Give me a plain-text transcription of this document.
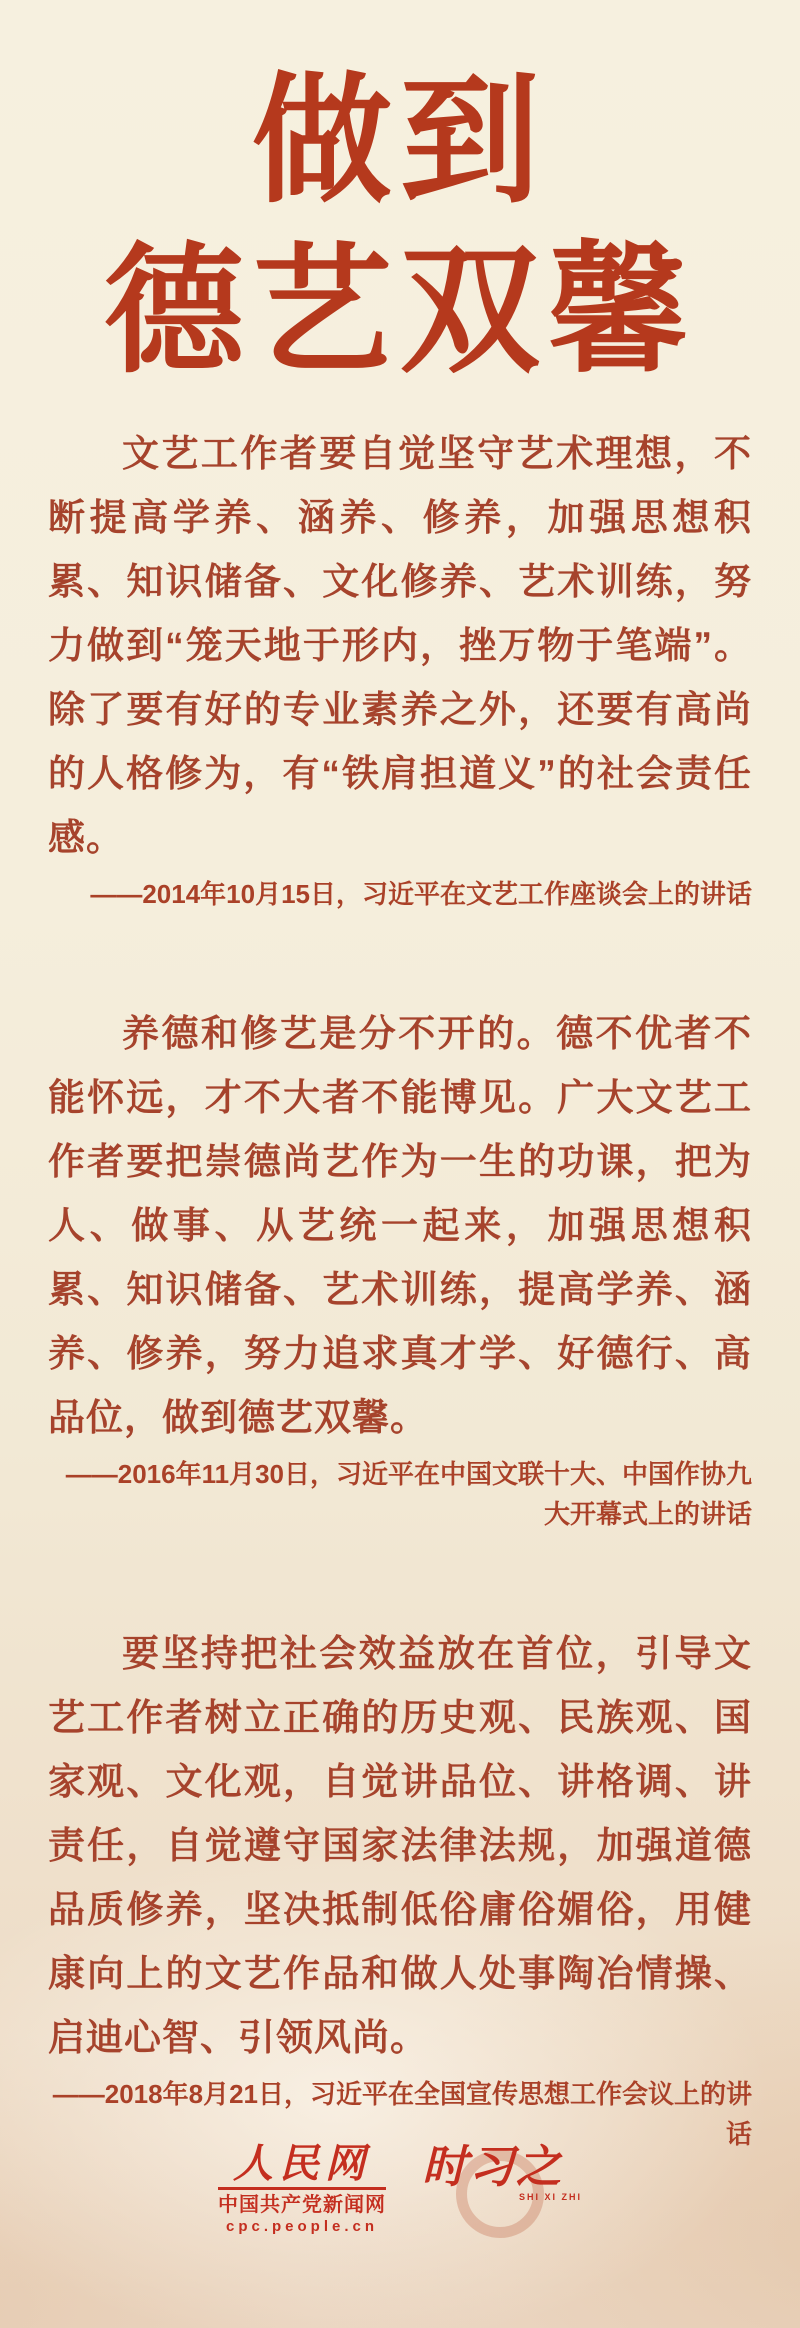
做到
德艺双馨

文艺工作者要自觉坚守艺术理想，不断提高学养、涵养、修养，加强思想积累、知识储备、文化修养、艺术训练，努力做到“笼天地于形内，挫万物于笔端”。除了要有好的专业素养之外，还要有高尚的人格修为，有“铁肩担道义”的社会责任感。

——2014年10月15日，习近平在文艺工作座谈会上的讲话

养德和修艺是分不开的。德不优者不能怀远，才不大者不能博见。广大文艺工作者要把崇德尚艺作为一生的功课，把为人、做事、从艺统一起来，加强思想积累、知识储备、艺术训练，提高学养、涵养、修养，努力追求真才学、好德行、高品位，做到德艺双馨。

——2016年11月30日，习近平在中国文联十大、中国作协九大开幕式上的讲话

要坚持把社会效益放在首位，引导文艺工作者树立正确的历史观、民族观、国家观、文化观，自觉讲品位、讲格调、讲责任，自觉遵守国家法律法规，加强道德品质修养，坚决抵制低俗庸俗媚俗，用健康向上的文艺作品和做人处事陶冶情操、启迪心智、引领风尚。

——2018年8月21日，习近平在全国宣传思想工作会议上的讲话

人民网
中国共产党新闻网
cpc.people.cn
时习之
SHI XI ZHI
